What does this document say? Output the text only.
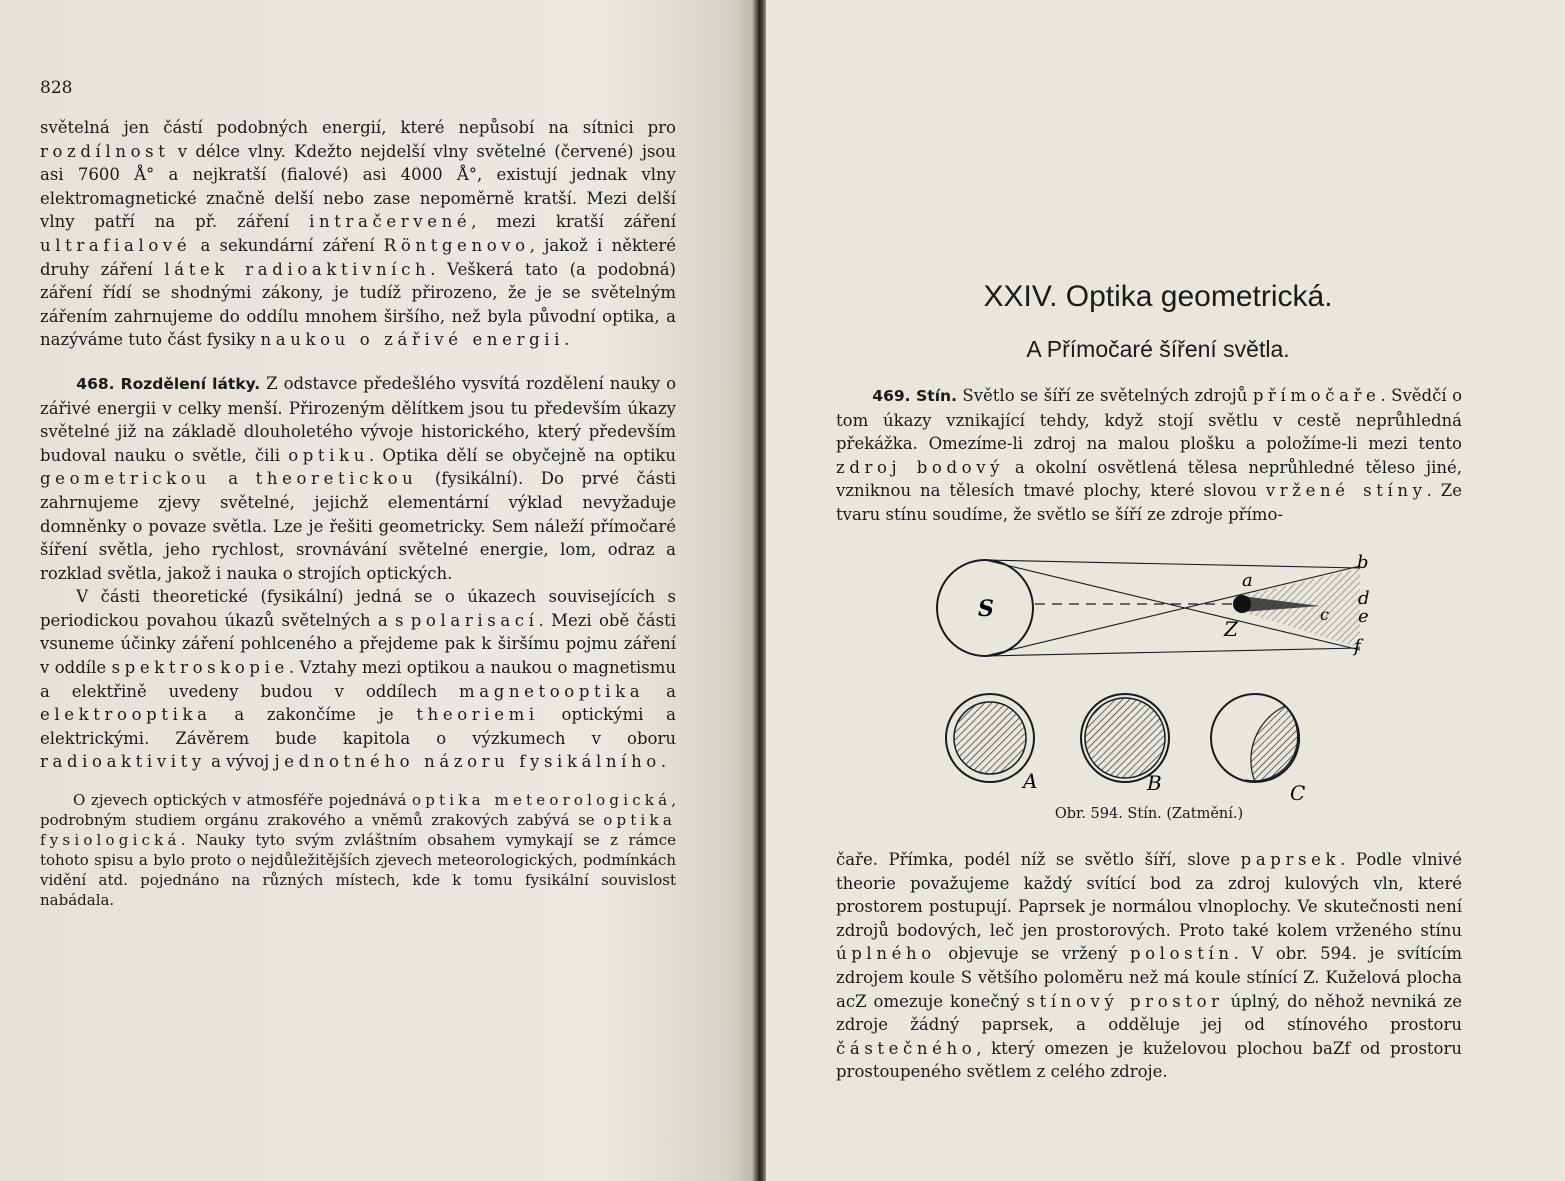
828

světelná jen částí podobných energií, které nepůsobí na sítnici pro rozdílnost v délce vlny. Kdežto nejdelší vlny světelné (červené) jsou asi 7600 Å° a nejkratší (fialové) asi 4000 Å°, existují jednak vlny elektromagnetické značně delší nebo zase nepoměrně kratší. Mezi delší vlny patří na př. záření intračervené, mezi kratší záření ultrafialové a sekundární záření Röntgenovo, jakož i některé druhy záření látek radioaktivních. Veškerá tato (a podobná) záření řídí se shodnými zákony, je tudíž přirozeno, že je se světelným zářením zahrnujeme do oddílu mnohem širšího, než byla původní optika, a nazýváme tuto část fysiky naukou o zářivé energii.

468. Rozdělení látky. Z odstavce předešlého vysvítá rozdělení nauky o zářivé energii v celky menší. Přirozeným dělítkem jsou tu především úkazy světelné již na základě dlouholetého vývoje historického, který především budoval nauku o světle, čili optiku. Optika dělí se obyčejně na optiku geometrickou a theoretickou (fysikální). Do prvé části zahrnujeme zjevy světelné, jejichž elementární výklad nevyžaduje domněnky o povaze světla. Lze je řešiti geometricky. Sem náleží přímočaré šíření světla, jeho rychlost, srovnávání světelné energie, lom, odraz a rozklad světla, jakož i nauka o strojích optických.

V části theoretické (fysikální) jedná se o úkazech souvisejících s periodickou povahou úkazů světelných a s polarisací. Mezi obě části vsuneme účinky záření pohlceného a přejdeme pak k širšímu pojmu záření v oddíle spektroskopie. Vztahy mezi optikou a naukou o magnetismu a elektřině uvedeny budou v oddílech magnetooptika a elektrooptika a zakončíme je theoriemi optickými a elektrickými. Závěrem bude kapitola o výzkumech v oboru radioaktivity a vývoj jednotného názoru fysikálního.

O zjevech optických v atmosféře pojednává optika meteorologická, podrobným studiem orgánu zrakového a vněmů zrakových zabývá se optika fysiologická. Nauky tyto svým zvláštním obsahem vymykají se z rámce tohoto spisu a bylo proto o nejdůležitějších zjevech meteorologických, podmínkách vidění atd. pojednáno na různých místech, kde k tomu fysikální souvislost nabádala.

XXIV. Optika geometrická.
A Přímočaré šíření světla.

469. Stín. Světlo se šíří ze světelných zdrojů přímočaře. Svědčí o tom úkazy vznikající tehdy, když stojí světlu v cestě neprůhledná překážka. Omezíme-li zdroj na malou plošku a položíme-li mezi tento zdroj bodový a okolní osvětlená tělesa neprůhledné těleso jiné, vzniknou na tělesích tmavé plochy, které slovou vržené stíny. Ze tvaru stínu soudíme, že světlo se šíří ze zdroje přímo-

S
Z
a
b
c
d
e
f
A	B	C
Obr. 594. Stín. (Zatmění.)

čaře. Přímka, podél níž se světlo šíří, slove paprsek. Podle vlnivé theorie považujeme každý svítící bod za zdroj kulových vln, které prostorem postupují. Paprsek je normálou vlnoplochy. Ve skutečnosti není zdrojů bodových, leč jen prostorových. Proto také kolem vrženého stínu úplného objevuje se vržený polostín. V obr. 594. je svítícím zdrojem koule S většího poloměru než má koule stínící Z. Kuželová plocha acZ omezuje konečný stínový prostor úplný, do něhož nevniká ze zdroje žádný paprsek, a odděluje jej od stínového prostoru částečného, který omezen je kuželovou plochou baZf od prostoru prostoupeného světlem z celého zdroje.
